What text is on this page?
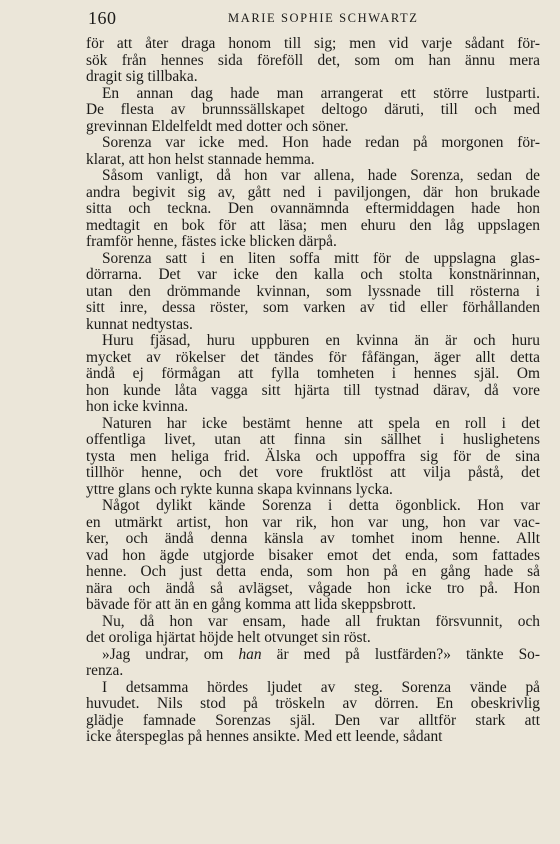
160	MARIE SOPHIE SCHWARTZ
för att åter draga honom till sig; men vid varje sådant för-
sök från hennes sida föreföll det, som om han ännu mera
dragit sig tillbaka.
En annan dag hade man arrangerat ett större lustparti.
De flesta av brunnssällskapet deltogo däruti, till och med
grevinnan Eldelfeldt med dotter och söner.
Sorenza var icke med. Hon hade redan på morgonen för-
klarat, att hon helst stannade hemma.
Såsom vanligt, då hon var allena, hade Sorenza, sedan de
andra begivit sig av, gått ned i paviljongen, där hon brukade
sitta och teckna. Den ovannämnda eftermiddagen hade hon
medtagit en bok för att läsa; men ehuru den låg uppslagen
framför henne, fästes icke blicken därpå.
Sorenza satt i en liten soffa mitt för de uppslagna glas-
dörrarna. Det var icke den kalla och stolta konstnärinnan,
utan den drömmande kvinnan, som lyssnade till rösterna i
sitt inre, dessa röster, som varken av tid eller förhållanden
kunnat nedtystas.
Huru fjäsad, huru uppburen en kvinna än är och huru
mycket av rökelser det tändes för fåfängan, äger allt detta
ändå ej förmågan att fylla tomheten i hennes själ. Om
hon kunde låta vagga sitt hjärta till tystnad därav, då vore
hon icke kvinna.
Naturen har icke bestämt henne att spela en roll i det
offentliga livet, utan att finna sin sällhet i huslighetens
tysta men heliga frid. Älska och uppoffra sig för de sina
tillhör henne, och det vore fruktlöst att vilja påstå, det
yttre glans och rykte kunna skapa kvinnans lycka.
Något dylikt kände Sorenza i detta ögonblick. Hon var
en utmärkt artist, hon var rik, hon var ung, hon var vac-
ker, och ändå denna känsla av tomhet inom henne. Allt
vad hon ägde utgjorde bisaker emot det enda, som fattades
henne. Och just detta enda, som hon på en gång hade så
nära och ändå så avlägset, vågade hon icke tro på. Hon
bävade för att än en gång komma att lida skeppsbrott.
Nu, då hon var ensam, hade all fruktan försvunnit, och
det oroliga hjärtat höjde helt otvunget sin röst.
»Jag undrar, om han är med på lustfärden?» tänkte So-
renza.
I detsamma hördes ljudet av steg. Sorenza vände på
huvudet. Nils stod på tröskeln av dörren. En obeskrivlig
glädje famnade Sorenzas själ. Den var alltför stark att
icke återspeglas på hennes ansikte. Med ett leende, sådant
